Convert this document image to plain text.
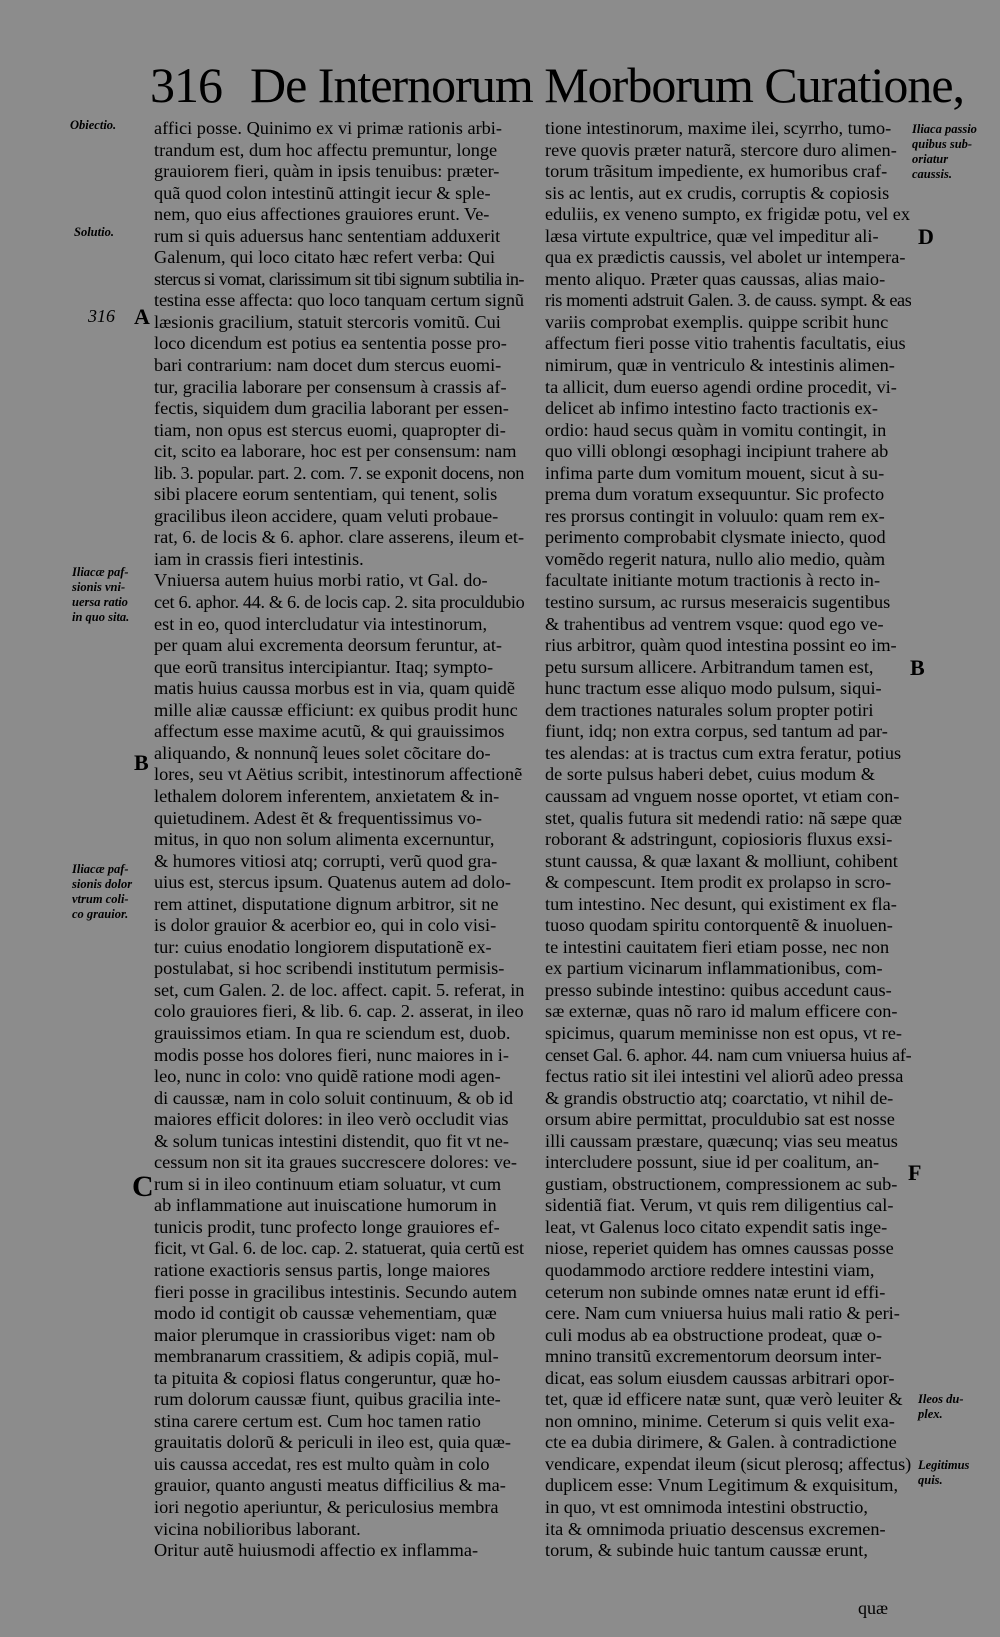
316 De Internorum Morborum Curatione,
Obiectio.
Solutio.
316
Iliacæ paf-
sionis vni-
uersa ratio
in quo sita.
Iliacæ paf-
sionis dolor
vtrum coli-
co grauior.
A
B
C
Iliaca passio
quibus sub-
oriatur
caussis.
Ileos du-
plex.
Legitimus
quis.
D
B
F
affici posse. Quinimo ex vi primæ rationis arbi-
trandum est, dum hoc affectu premuntur, longe
grauiorem fieri, quàm in ipsis tenuibus: præter-
quã quod colon intestinũ attingit iecur & sple-
nem, quo eius affectiones grauiores erunt. Ve-
rum si quis aduersus hanc sententiam adduxerit
Galenum, qui loco citato hæc refert verba: Qui
stercus si vomat, clarissimum sit tibi signum subtilia in-
testina esse affecta: quo loco tanquam certum signũ
læsionis gracilium, statuit stercoris vomitũ. Cui
loco dicendum est potius ea sententia posse pro-
bari contrarium: nam docet dum stercus euomi-
tur, gracilia laborare per consensum à crassis af-
fectis, siquidem dum gracilia laborant per essen-
tiam, non opus est stercus euomi, quapropter di-
cit, scito ea laborare, hoc est per consensum: nam
lib. 3. popular. part. 2. com. 7. se exponit docens, non
sibi placere eorum sententiam, qui tenent, solis
gracilibus ileon accidere, quam veluti probaue-
rat, 6. de locis & 6. aphor. clare asserens, ileum et-
iam in crassis fieri intestinis.
Vniuersa autem huius morbi ratio, vt Gal. do-
cet 6. aphor. 44. & 6. de locis cap. 2. sita proculdubio
est in eo, quod intercludatur via intestinorum,
per quam alui excrementa deorsum feruntur, at-
que eorũ transitus intercipiantur. Itaq; sympto-
matis huius caussa morbus est in via, quam quidẽ
mille aliæ caussæ efficiunt: ex quibus prodit hunc
affectum esse maxime acutũ, & qui grauissimos
aliquando, & nonnunq̃ leues solet cõcitare do-
lores, seu vt Aëtius scribit, intestinorum affectionẽ
lethalem dolorem inferentem, anxietatem & in-
quietudinem. Adest ẽt & frequentissimus vo-
mitus, in quo non solum alimenta excernuntur,
& humores vitiosi atq; corrupti, verũ quod gra-
uius est, stercus ipsum. Quatenus autem ad dolo-
rem attinet, disputatione dignum arbitror, sit ne
is dolor grauior & acerbior eo, qui in colo visi-
tur: cuius enodatio longiorem disputationẽ ex-
postulabat, si hoc scribendi institutum permisis-
set, cum Galen. 2. de loc. affect. capit. 5. referat, in
colo grauiores fieri, & lib. 6. cap. 2. asserat, in ileo
grauissimos etiam. In qua re sciendum est, duob.
modis posse hos dolores fieri, nunc maiores in i-
leo, nunc in colo: vno quidẽ ratione modi agen-
di caussæ, nam in colo soluit continuum, & ob id
maiores efficit dolores: in ileo verò occludit vias
& solum tunicas intestini distendit, quo fit vt ne-
cessum non sit ita graues succrescere dolores: ve-
rum si in ileo continuum etiam soluatur, vt cum
ab inflammatione aut inuiscatione humorum in
tunicis prodit, tunc profecto longe grauiores ef-
ficit, vt Gal. 6. de loc. cap. 2. statuerat, quia certũ est
ratione exactioris sensus partis, longe maiores
fieri posse in gracilibus intestinis. Secundo autem
modo id contigit ob caussæ vehementiam, quæ
maior plerumque in crassioribus viget: nam ob
membranarum crassitiem, & adipis copiã, mul-
ta pituita & copiosi flatus congeruntur, quæ ho-
rum dolorum caussæ fiunt, quibus gracilia inte-
stina carere certum est. Cum hoc tamen ratio
grauitatis dolorũ & periculi in ileo est, quia quæ-
uis caussa accedat, res est multo quàm in colo
grauior, quanto angusti meatus difficilius & ma-
iori negotio aperiuntur, & periculosius membra
vicina nobilioribus laborant.
Oritur autẽ huiusmodi affectio ex inflamma-
tione intestinorum, maxime ilei, scyrrho, tumo-
reve quovis præter naturã, stercore duro alimen-
torum trãsitum impediente, ex humoribus craf-
sis ac lentis, aut ex crudis, corruptis & copiosis
eduliis, ex veneno sumpto, ex frigidæ potu, vel ex
læsa virtute expultrice, quæ vel impeditur ali-
qua ex prædictis caussis, vel abolet ur intempera-
mento aliquo. Præter quas caussas, alias maio-
ris momenti adstruit Galen. 3. de causs. sympt. & eas
variis comprobat exemplis. quippe scribit hunc
affectum fieri posse vitio trahentis facultatis, eius
nimirum, quæ in ventriculo & intestinis alimen-
ta allicit, dum euerso agendi ordine procedit, vi-
delicet ab infimo intestino facto tractionis ex-
ordio: haud secus quàm in vomitu contingit, in
quo villi oblongi œsophagi incipiunt trahere ab
infima parte dum vomitum mouent, sicut à su-
prema dum voratum exsequuntur. Sic profecto
res prorsus contingit in voluulo: quam rem ex-
perimento comprobabit clysmate iniecto, quod
vomẽdo regerit natura, nullo alio medio, quàm
facultate initiante motum tractionis à recto in-
testino sursum, ac rursus meseraicis sugentibus
& trahentibus ad ventrem vsque: quod ego ve-
rius arbitror, quàm quod intestina possint eo im-
petu sursum allicere. Arbitrandum tamen est,
hunc tractum esse aliquo modo pulsum, siqui-
dem tractiones naturales solum propter potiri
fiunt, idq; non extra corpus, sed tantum ad par-
tes alendas: at is tractus cum extra feratur, potius
de sorte pulsus haberi debet, cuius modum &
caussam ad vnguem nosse oportet, vt etiam con-
stet, qualis futura sit medendi ratio: nã sæpe quæ
roborant & adstringunt, copiosioris fluxus exsi-
stunt caussa, & quæ laxant & molliunt, cohibent
& compescunt. Item prodit ex prolapso in scro-
tum intestino. Nec desunt, qui existiment ex fla-
tuoso quodam spiritu contorquentẽ & inuoluen-
te intestini cauitatem fieri etiam posse, nec non
ex partium vicinarum inflammationibus, com-
presso subinde intestino: quibus accedunt caus-
sæ externæ, quas nõ raro id malum efficere con-
spicimus, quarum meminisse non est opus, vt re-
censet Gal. 6. aphor. 44. nam cum vniuersa huius af-
fectus ratio sit ilei intestini vel aliorũ adeo pressa
& grandis obstructio atq; coarctatio, vt nihil de-
orsum abire permittat, proculdubio sat est nosse
illi caussam præstare, quæcunq; vias seu meatus
intercludere possunt, siue id per coalitum, an-
gustiam, obstructionem, compressionem ac sub-
sidentiã fiat. Verum, vt quis rem diligentius cal-
leat, vt Galenus loco citato expendit satis inge-
niose, reperiet quidem has omnes caussas posse
quodammodo arctiore reddere intestini viam,
ceterum non subinde omnes natæ erunt id effi-
cere. Nam cum vniuersa huius mali ratio & peri-
culi modus ab ea obstructione prodeat, quæ o-
mnino transitũ excrementorum deorsum inter-
dicat, eas solum eiusdem caussas arbitrari opor-
tet, quæ id efficere natæ sunt, quæ verò leuiter &
non omnino, minime. Ceterum si quis velit exa-
cte ea dubia dirimere, & Galen. à contradictione
vendicare, expendat ileum (sicut plerosq; affectus)
duplicem esse: Vnum Legitimum & exquisitum,
in quo, vt est omnimoda intestini obstructio,
ita & omnimoda priuatio descensus excremen-
torum, & subinde huic tantum caussæ erunt,
quæ
